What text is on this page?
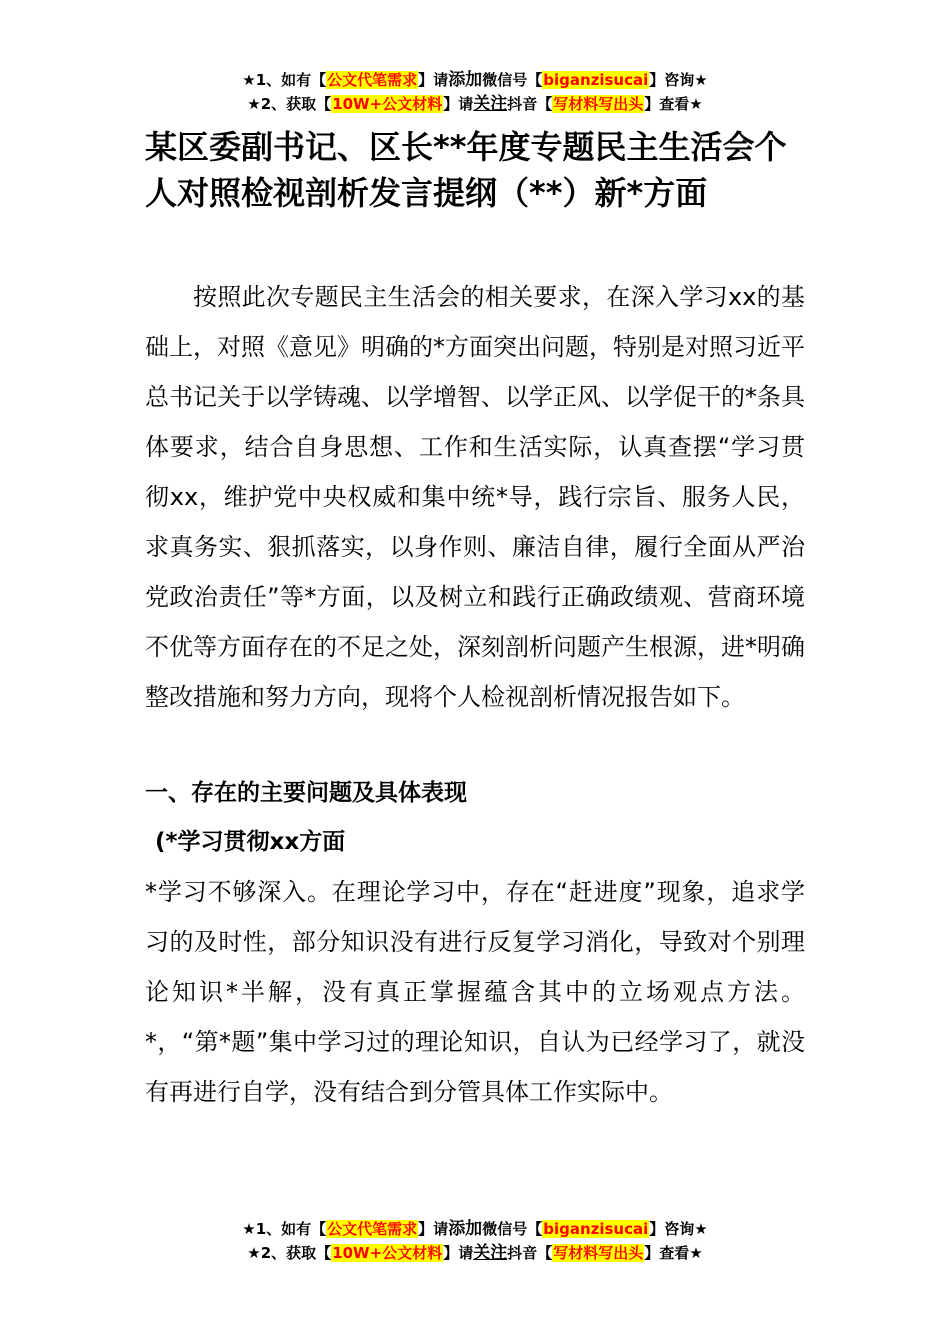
★1、如有【公文代笔需求】请添加微信号【biganzisucai】咨询★
★2、获取【10W+公文材料】请关注抖音【写材料写出头】查看★
某区委副书记、区长**年度专题民主生活会个人对照检视剖析发言提纲（**）新*方面

按照此次专题民主生活会的相关要求，在深入学习xx的基础上，对照《意见》明确的*方面突出问题，特别是对照习近平总书记关于以学铸魂、以学增智、以学正风、以学促干的*条具体要求，结合自身思想、工作和生活实际，认真查摆“学习贯彻xx，维护党中央权威和集中统*导，践行宗旨、服务人民，求真务实、狠抓落实，以身作则、廉洁自律，履行全面从严治党政治责任”等*方面，以及树立和践行正确政绩观、营商环境不优等方面存在的不足之处，深刻剖析问题产生根源，进*明确整改措施和努力方向，现将个人检视剖析情况报告如下。

一、存在的主要问题及具体表现
(*学习贯彻xx方面

*学习不够深入。在理论学习中，存在“赶进度”现象，追求学习的及时性，部分知识没有进行反复学习消化，导致对个别理论知识*半解，没有真正掌握蕴含其中的立场观点方法。*，“第*题”集中学习过的理论知识，自认为已经学习了，就没有再进行自学，没有结合到分管具体工作实际中。

★1、如有【公文代笔需求】请添加微信号【biganzisucai】咨询★
★2、获取【10W+公文材料】请关注抖音【写材料写出头】查看★
